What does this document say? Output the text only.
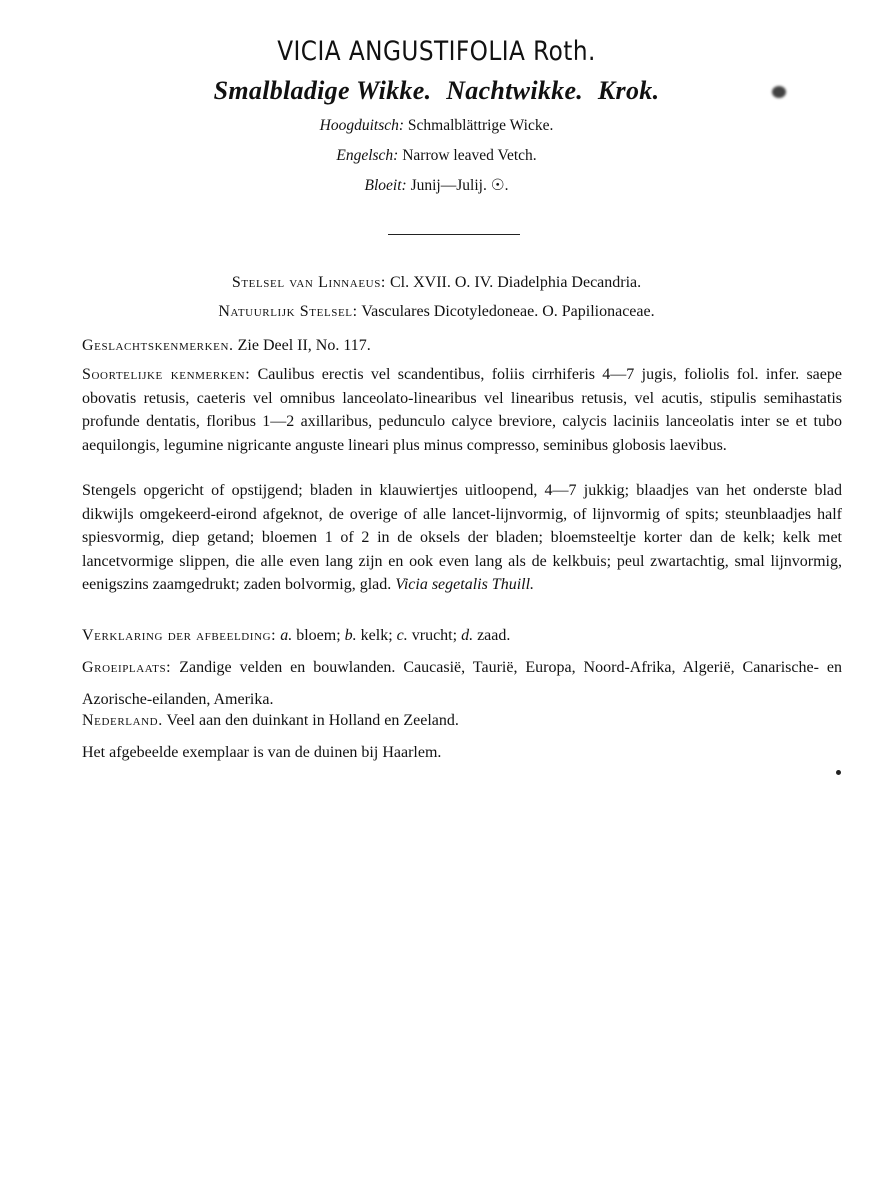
VICIA ANGUSTIFOLIA Roth.
Smalbladige Wikke. Nachtwikke. Krok.
Hoogduitsch: Schmalblättrige Wicke.
Engelsch: Narrow leaved Vetch.
Bloeit: Junij—Julij. ☉.
Stelsel van Linnaeus: Cl. XVII. O. IV. Diadelphia Decandria.
Natuurlijk Stelsel: Vasculares Dicotyledoneae. O. Papilionaceae.
Geslachtskenmerken. Zie Deel II, No. 117.
Soortelijke kenmerken: Caulibus erectis vel scandentibus, foliis cirrhiferis 4—7 jugis, foliolis fol. infer. saepe obovatis retusis, caeteris vel omnibus lanceolato-linearibus vel linearibus retusis, vel acutis, stipulis semihastatis profunde dentatis, floribus 1—2 axillaribus, pedunculo calyce breviore, calycis laciniis lanceolatis inter se et tubo aequilongis, legumine nigricante anguste lineari plus minus compresso, seminibus globosis laevibus.
Stengels opgericht of opstijgend; bladen in klauwiertjes uitloopend, 4—7 jukkig; blaadjes van het onderste blad dikwijls omgekeerd-eirond afgeknot, de overige of alle lancet-lijnvormig, of lijnvormig of spits; steunblaadjes half spiesvormig, diep getand; bloemen 1 of 2 in de oksels der bladen; bloemsteeltje korter dan de kelk; kelk met lancetvormige slippen, die alle even lang zijn en ook even lang als de kelkbuis; peul zwartachtig, smal lijnvormig, eenigszins zaamgedrukt; zaden bolvormig, glad. Vicia segetalis Thuill.
Verklaring der afbeelding: a. bloem; b. kelk; c. vrucht; d. zaad.
Groeiplaats: Zandige velden en bouwlanden. Caucasië, Taurië, Europa, Noord-Afrika, Algerië, Canarische- en Azorische-eilanden, Amerika.
Nederland. Veel aan den duinkant in Holland en Zeeland.
Het afgebeelde exemplaar is van de duinen bij Haarlem.
